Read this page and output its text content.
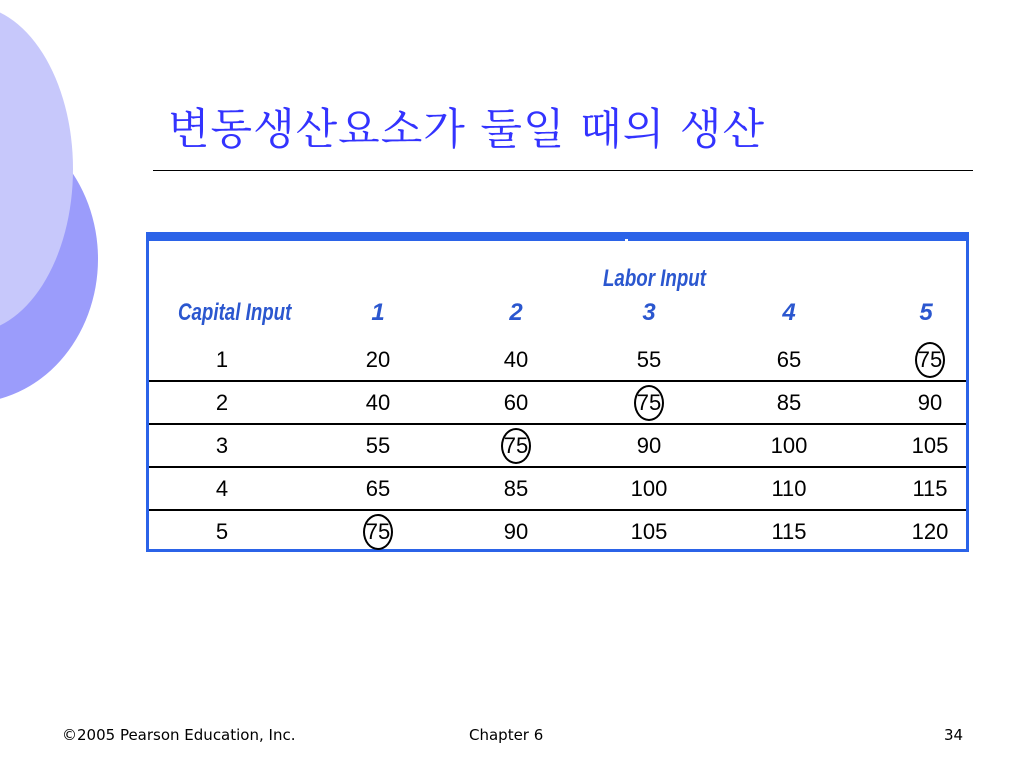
변동생산요소가 둘일 때의 생산
Labor Input
Capital Input	1	2	3	4	5
1	20	40	55	65	75
2	40	60	75	85	90
3	55	75	90	100	105
4	65	85	100	110	115
5	75	90	105	115	120
©2005 Pearson Education, Inc.	Chapter 6	34
